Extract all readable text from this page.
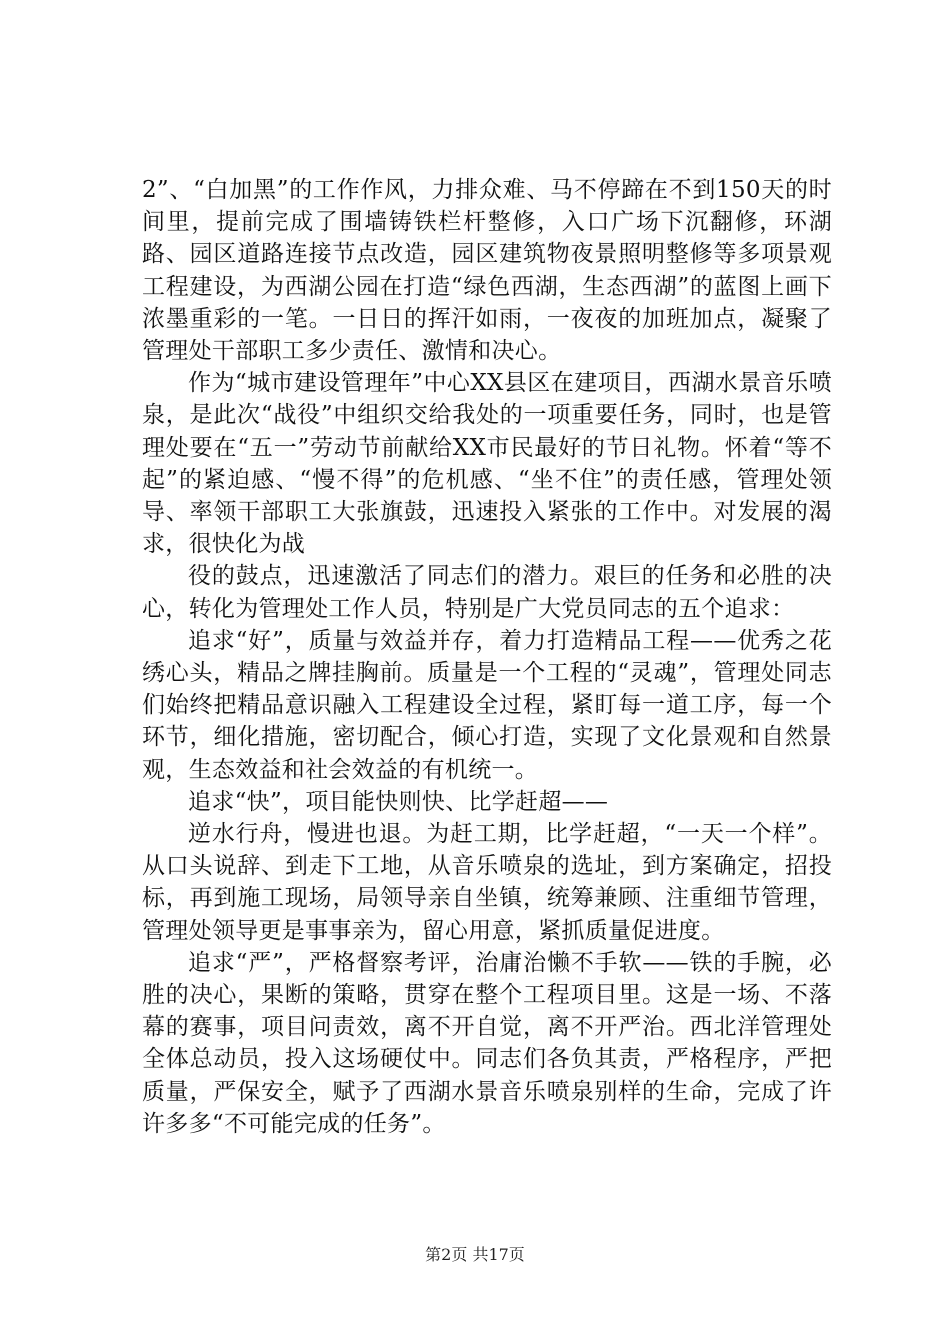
2”、“白加黑”的工作作风，力排众难、马不停蹄在不到150天的时间里，提前完成了围墙铸铁栏杆整修，入口广场下沉翻修，环湖路、园区道路连接节点改造，园区建筑物夜景照明整修等多项景观工程建设，为西湖公园在打造“绿色西湖，生态西湖”的蓝图上画下浓墨重彩的一笔。一日日的挥汗如雨，一夜夜的加班加点，凝聚了管理处干部职工多少责任、激情和决心。

作为“城市建设管理年”中心XX县区在建项目，西湖水景音乐喷泉，是此次“战役”中组织交给我处的一项重要任务，同时，也是管理处要在“五一”劳动节前献给XX市民最好的节日礼物。怀着“等不起”的紧迫感、“慢不得”的危机感、“坐不住”的责任感，管理处领导、率领干部职工大张旗鼓，迅速投入紧张的工作中。对发展的渴求，很快化为战

役的鼓点，迅速激活了同志们的潜力。艰巨的任务和必胜的决心，转化为管理处工作人员，特别是广大党员同志的五个追求：

追求“好”，质量与效益并存，着力打造精品工程——优秀之花绣心头，精品之牌挂胸前。质量是一个工程的“灵魂”，管理处同志们始终把精品意识融入工程建设全过程，紧盯每一道工序，每一个环节，细化措施，密切配合，倾心打造，实现了文化景观和自然景观，生态效益和社会效益的有机统一。

追求“快”，项目能快则快、比学赶超——

逆水行舟，慢进也退。为赶工期，比学赶超，“一天一个样”。从口头说辞、到走下工地，从音乐喷泉的选址，到方案确定，招投标，再到施工现场，局领导亲自坐镇，统筹兼顾、注重细节管理，管理处领导更是事事亲为，留心用意，紧抓质量促进度。

追求“严”，严格督察考评，治庸治懒不手软——铁的手腕，必胜的决心，果断的策略，贯穿在整个工程项目里。这是一场、不落幕的赛事，项目问责效，离不开自觉，离不开严治。西北洋管理处全体总动员，投入这场硬仗中。同志们各负其责，严格程序，严把质量，严保安全，赋予了西湖水景音乐喷泉别样的生命，完成了许许多多“不可能完成的任务”。

第2页 共17页
